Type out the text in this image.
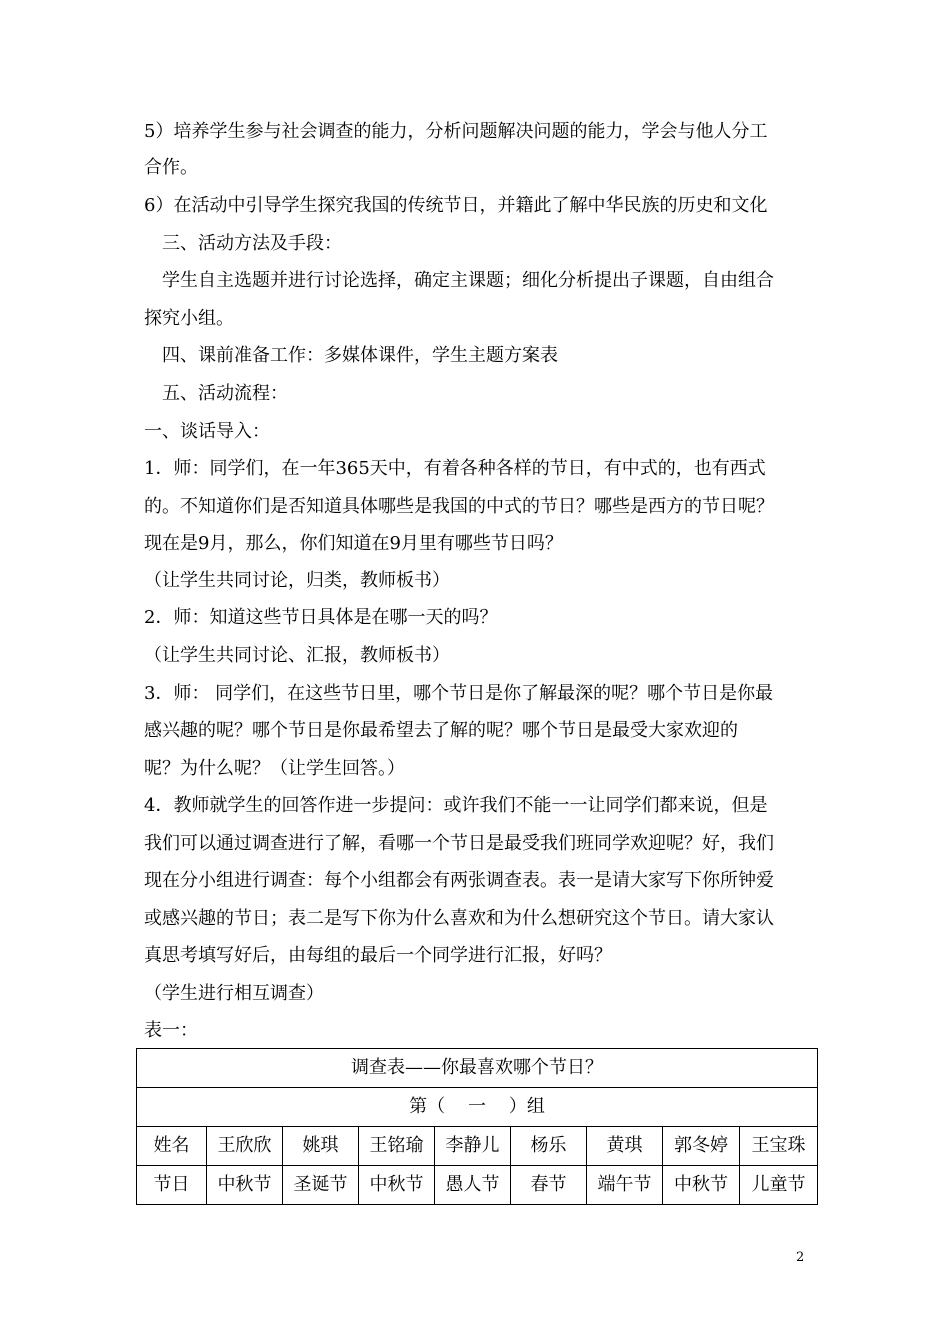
5）培养学生参与社会调查的能力，分析问题解决问题的能力，学会与他人分工
合作。
6）在活动中引导学生探究我国的传统节日，并籍此了解中华民族的历史和文化
三、活动方法及手段：
学生自主选题并进行讨论选择，确定主课题；细化分析提出子课题，自由组合
探究小组。
四、课前准备工作：多媒体课件，学生主题方案表
五、活动流程：
一、谈话导入：
1．师：同学们，在一年365天中，有着各种各样的节日，有中式的，也有西式
的。不知道你们是否知道具体哪些是我国的中式的节日？哪些是西方的节日呢？
现在是9月，那么，你们知道在9月里有哪些节日吗？
（让学生共同讨论，归类，教师板书）
2．师：知道这些节日具体是在哪一天的吗？
（让学生共同讨论、汇报，教师板书）
3．师： 同学们，在这些节日里，哪个节日是你了解最深的呢？哪个节日是你最
感兴趣的呢？哪个节日是你最希望去了解的呢？哪个节日是最受大家欢迎的
呢？为什么呢？（让学生回答。）
4．教师就学生的回答作进一步提问：或许我们不能一一让同学们都来说，但是
我们可以通过调查进行了解，看哪一个节日是最受我们班同学欢迎呢？好，我们
现在分小组进行调查：每个小组都会有两张调查表。表一是请大家写下你所钟爱
或感兴趣的节日；表二是写下你为什么喜欢和为什么想研究这个节日。请大家认
真思考填写好后，由每组的最后一个同学进行汇报，好吗？
（学生进行相互调查）
表一：
调查表——你最喜欢哪个节日？								
第（    一    ）组								
姓名	王欣欣	姚琪	王铭瑜	李静儿	杨乐	黄琪	郭冬婷	王宝珠
节日	中秋节	圣诞节	中秋节	愚人节	春节	端午节	中秋节	儿童节
2
